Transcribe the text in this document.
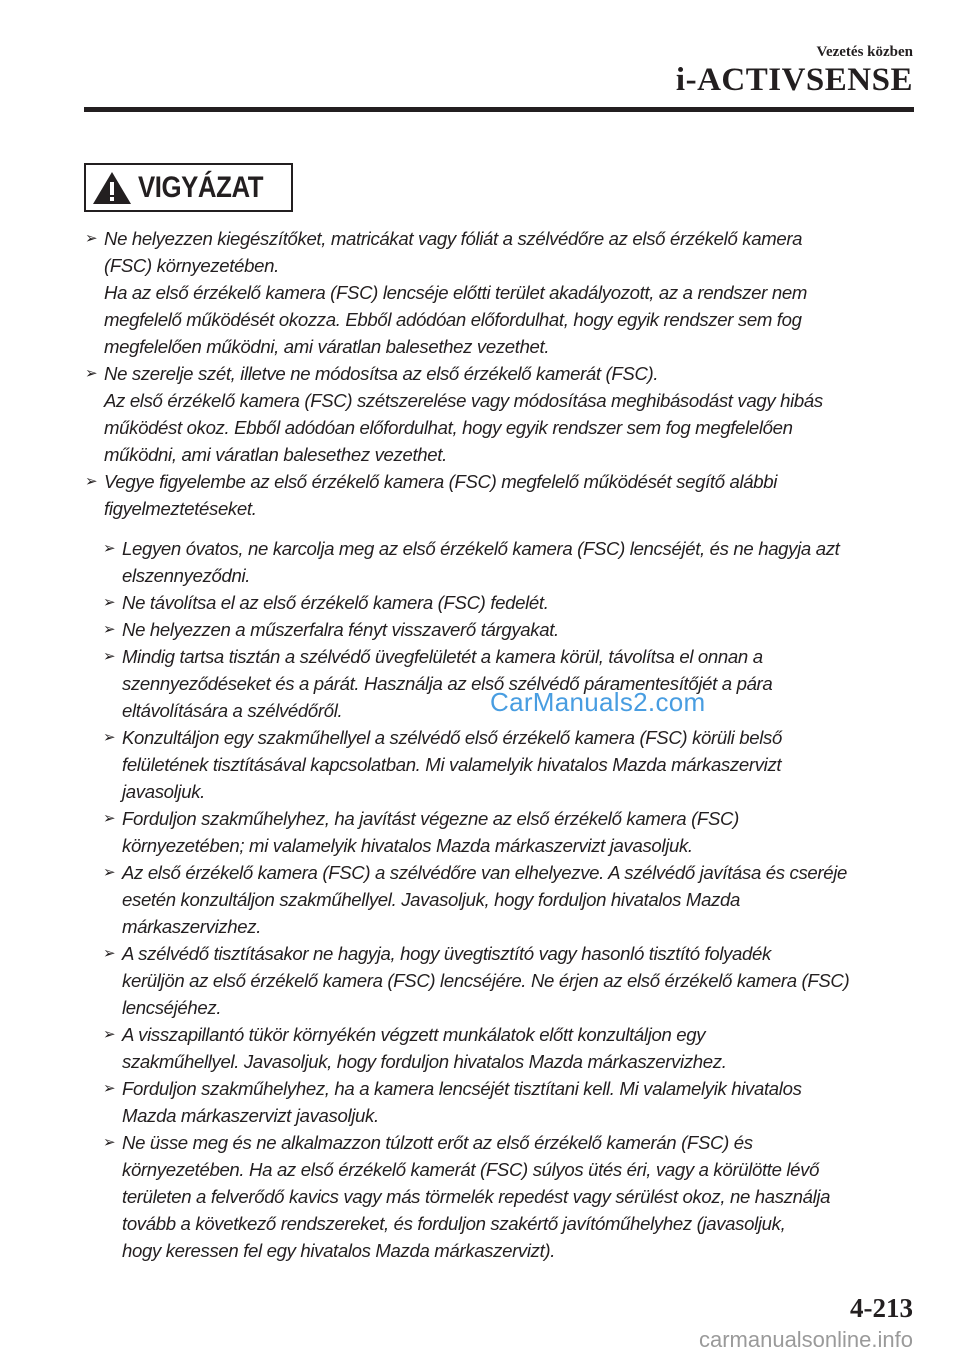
Vezetés közben
i-ACTIVSENSE
VIGYÁZAT
➢ Ne helyezzen kiegészítőket, matricákat vagy fóliát a szélvédőre az első érzékelő kamera
(FSC) környezetében.
Ha az első érzékelő kamera (FSC) lencséje előtti terület akadályozott, az a rendszer nem
megfelelő működését okozza. Ebből adódóan előfordulhat, hogy egyik rendszer sem fog
megfelelően működni, ami váratlan balesethez vezethet.
➢ Ne szerelje szét, illetve ne módosítsa az első érzékelő kamerát (FSC).
Az első érzékelő kamera (FSC) szétszerelése vagy módosítása meghibásodást vagy hibás
működést okoz. Ebből adódóan előfordulhat, hogy egyik rendszer sem fog megfelelően
működni, ami váratlan balesethez vezethet.
➢ Vegye figyelembe az első érzékelő kamera (FSC) megfelelő működését segítő alábbi
figyelmeztetéseket.
➢ Legyen óvatos, ne karcolja meg az első érzékelő kamera (FSC) lencséjét, és ne hagyja azt
elszennyeződni.
➢ Ne távolítsa el az első érzékelő kamera (FSC) fedelét.
➢ Ne helyezzen a műszerfalra fényt visszaverő tárgyakat.
➢ Mindig tartsa tisztán a szélvédő üvegfelületét a kamera körül, távolítsa el onnan a
szennyeződéseket és a párát. Használja az első szélvédő páramentesítőjét a pára
eltávolítására a szélvédőről.
➢ Konzultáljon egy szakműhellyel a szélvédő első érzékelő kamera (FSC) körüli belső
felületének tisztításával kapcsolatban. Mi valamelyik hivatalos Mazda márkaszervizt
javasoljuk.
➢ Forduljon szakműhelyhez, ha javítást végezne az első érzékelő kamera (FSC)
környezetében; mi valamelyik hivatalos Mazda márkaszervizt javasoljuk.
➢ Az első érzékelő kamera (FSC) a szélvédőre van elhelyezve. A szélvédő javítása és cseréje
esetén konzultáljon szakműhellyel. Javasoljuk, hogy forduljon hivatalos Mazda
márkaszervizhez.
➢ A szélvédő tisztításakor ne hagyja, hogy üvegtisztító vagy hasonló tisztító folyadék
kerüljön az első érzékelő kamera (FSC) lencséjére. Ne érjen az első érzékelő kamera (FSC)
lencséjéhez.
➢ A visszapillantó tükör környékén végzett munkálatok előtt konzultáljon egy
szakműhellyel. Javasoljuk, hogy forduljon hivatalos Mazda márkaszervizhez.
➢ Forduljon szakműhelyhez, ha a kamera lencséjét tisztítani kell. Mi valamelyik hivatalos
Mazda márkaszervizt javasoljuk.
➢ Ne üsse meg és ne alkalmazzon túlzott erőt az első érzékelő kamerán (FSC) és
környezetében. Ha az első érzékelő kamerát (FSC) súlyos ütés éri, vagy a körülötte lévő
területen a felverődő kavics vagy más törmelék repedést vagy sérülést okoz, ne használja
tovább a következő rendszereket, és forduljon szakértő javítóműhelyhez (javasoljuk,
hogy keressen fel egy hivatalos Mazda márkaszervizt).
CarManuals2.com
4-213
carmanualsonline.info
